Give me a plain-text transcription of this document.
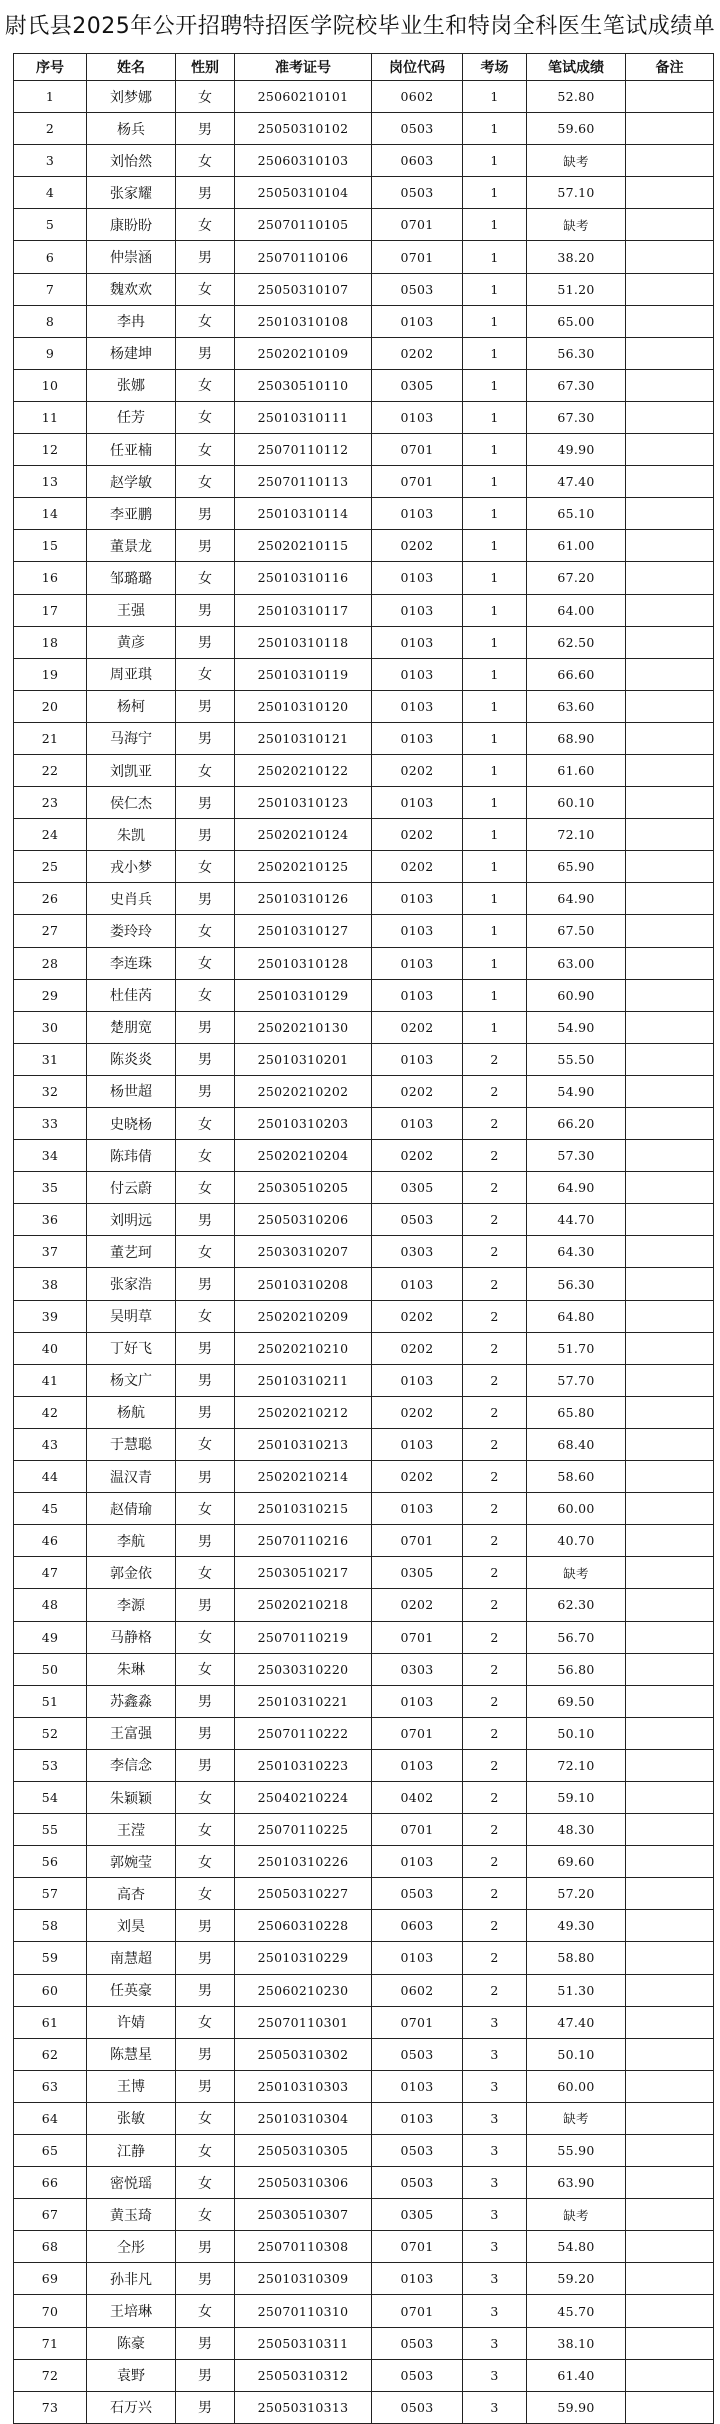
尉氏县2025年公开招聘特招医学院校毕业生和特岗全科医生笔试成绩单
序号	姓名	性别	准考证号	岗位代码	考场	笔试成绩	备注
1	刘梦娜	女	25060210101	0602	1	52.80	
2	杨兵	男	25050310102	0503	1	59.60	
3	刘怡然	女	25060310103	0603	1	缺考	
4	张家耀	男	25050310104	0503	1	57.10	
5	康盼盼	女	25070110105	0701	1	缺考	
6	仲崇涵	男	25070110106	0701	1	38.20	
7	魏欢欢	女	25050310107	0503	1	51.20	
8	李冉	女	25010310108	0103	1	65.00	
9	杨建坤	男	25020210109	0202	1	56.30	
10	张娜	女	25030510110	0305	1	67.30	
11	任芳	女	25010310111	0103	1	67.30	
12	任亚楠	女	25070110112	0701	1	49.90	
13	赵学敏	女	25070110113	0701	1	47.40	
14	李亚鹏	男	25010310114	0103	1	65.10	
15	董景龙	男	25020210115	0202	1	61.00	
16	邹璐璐	女	25010310116	0103	1	67.20	
17	王强	男	25010310117	0103	1	64.00	
18	黄彦	男	25010310118	0103	1	62.50	
19	周亚琪	女	25010310119	0103	1	66.60	
20	杨柯	男	25010310120	0103	1	63.60	
21	马海宁	男	25010310121	0103	1	68.90	
22	刘凯亚	女	25020210122	0202	1	61.60	
23	侯仁杰	男	25010310123	0103	1	60.10	
24	朱凯	男	25020210124	0202	1	72.10	
25	戎小梦	女	25020210125	0202	1	65.90	
26	史肖兵	男	25010310126	0103	1	64.90	
27	娄玲玲	女	25010310127	0103	1	67.50	
28	李连珠	女	25010310128	0103	1	63.00	
29	杜佳芮	女	25010310129	0103	1	60.90	
30	楚朋宽	男	25020210130	0202	1	54.90	
31	陈炎炎	男	25010310201	0103	2	55.50	
32	杨世超	男	25020210202	0202	2	54.90	
33	史晓杨	女	25010310203	0103	2	66.20	
34	陈玮倩	女	25020210204	0202	2	57.30	
35	付云蔚	女	25030510205	0305	2	64.90	
36	刘明远	男	25050310206	0503	2	44.70	
37	董艺珂	女	25030310207	0303	2	64.30	
38	张家浩	男	25010310208	0103	2	56.30	
39	吴明草	女	25020210209	0202	2	64.80	
40	丁好飞	男	25020210210	0202	2	51.70	
41	杨文广	男	25010310211	0103	2	57.70	
42	杨航	男	25020210212	0202	2	65.80	
43	于慧聪	女	25010310213	0103	2	68.40	
44	温汉青	男	25020210214	0202	2	58.60	
45	赵倩瑜	女	25010310215	0103	2	60.00	
46	李航	男	25070110216	0701	2	40.70	
47	郭金依	女	25030510217	0305	2	缺考	
48	李源	男	25020210218	0202	2	62.30	
49	马静格	女	25070110219	0701	2	56.70	
50	朱琳	女	25030310220	0303	2	56.80	
51	苏鑫淼	男	25010310221	0103	2	69.50	
52	王富强	男	25070110222	0701	2	50.10	
53	李信念	男	25010310223	0103	2	72.10	
54	朱颖颖	女	25040210224	0402	2	59.10	
55	王滢	女	25070110225	0701	2	48.30	
56	郭婉莹	女	25010310226	0103	2	69.60	
57	高杏	女	25050310227	0503	2	57.20	
58	刘昊	男	25060310228	0603	2	49.30	
59	南慧超	男	25010310229	0103	2	58.80	
60	任英豪	男	25060210230	0602	2	51.30	
61	许婧	女	25070110301	0701	3	47.40	
62	陈慧星	男	25050310302	0503	3	50.10	
63	王博	男	25010310303	0103	3	60.00	
64	张敏	女	25010310304	0103	3	缺考	
65	江静	女	25050310305	0503	3	55.90	
66	密悦瑶	女	25050310306	0503	3	63.90	
67	黄玉琦	女	25030510307	0305	3	缺考	
68	仝彤	男	25070110308	0701	3	54.80	
69	孙非凡	男	25010310309	0103	3	59.20	
70	王培琳	女	25070110310	0701	3	45.70	
71	陈豪	男	25050310311	0503	3	38.10	
72	袁野	男	25050310312	0503	3	61.40	
73	石万兴	男	25050310313	0503	3	59.90	
